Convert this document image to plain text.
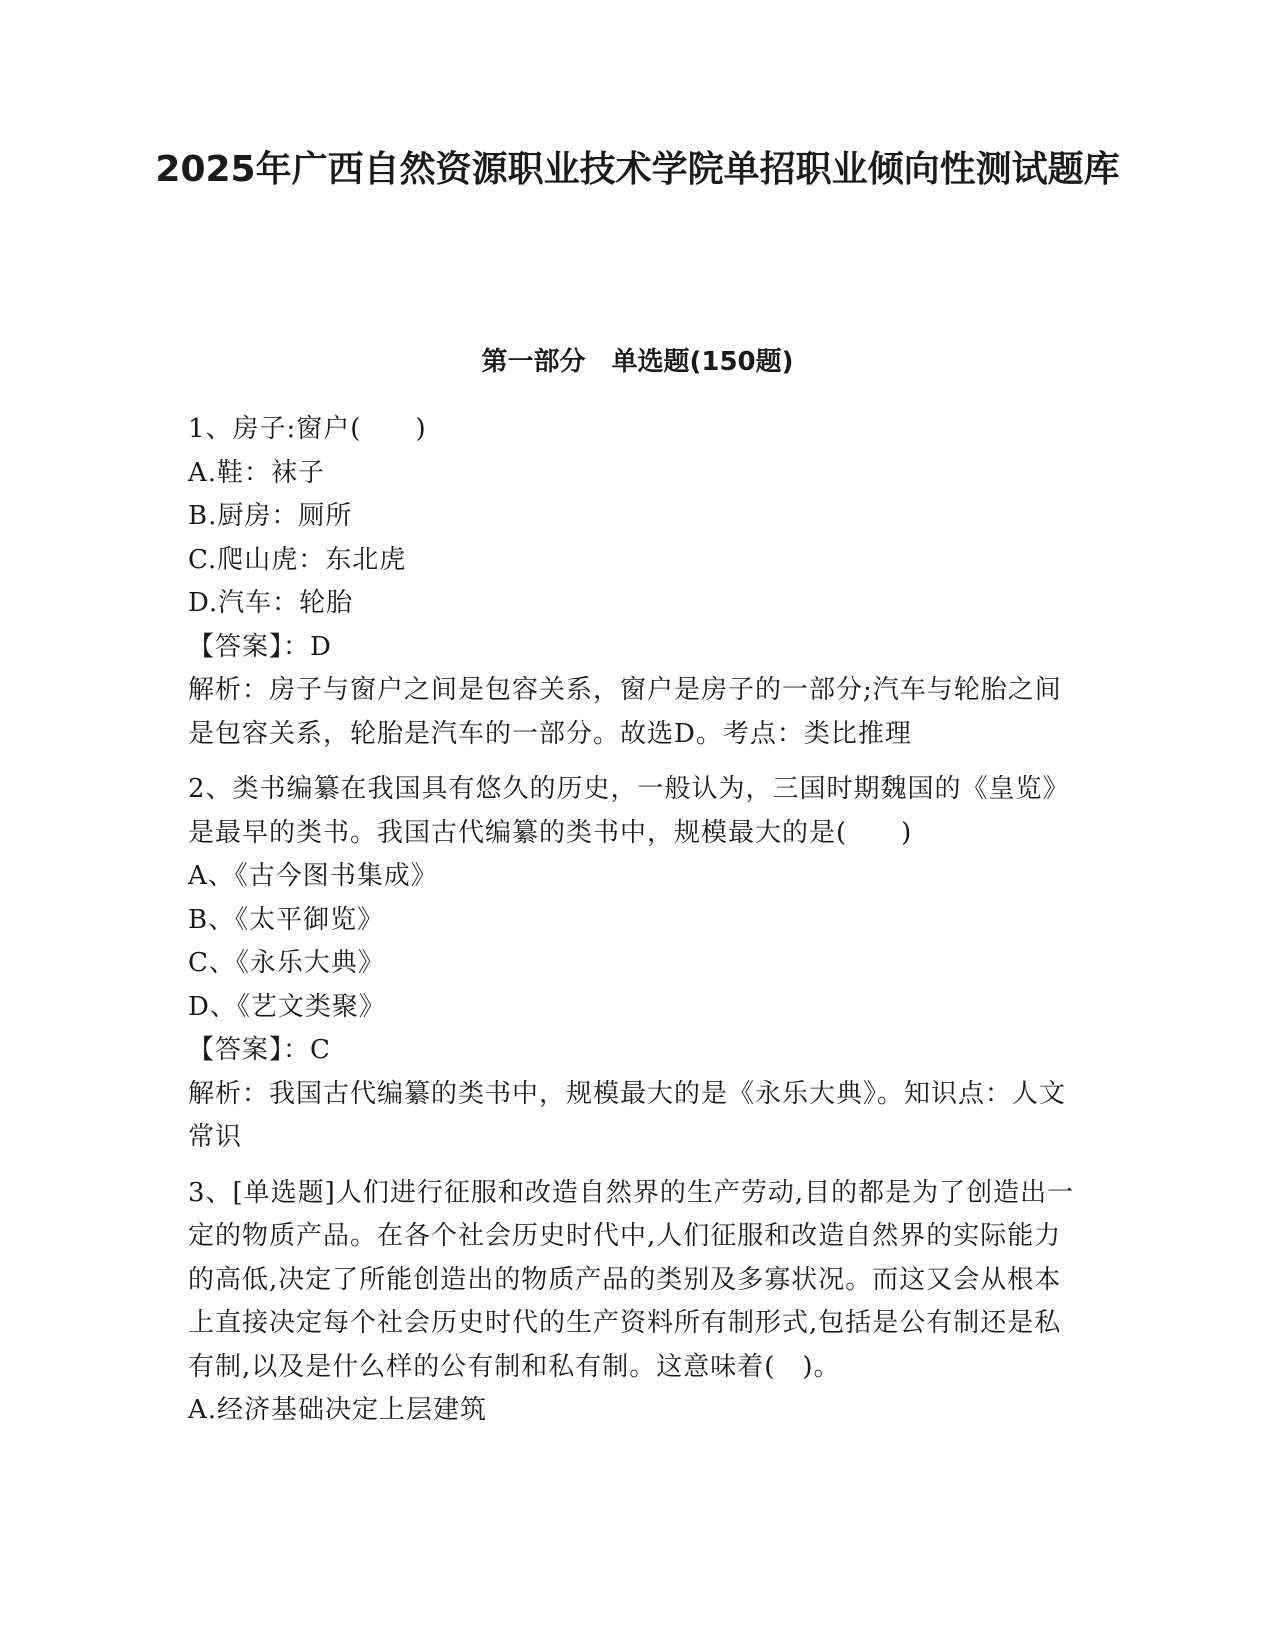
2025年广西自然资源职业技术学院单招职业倾向性测试题库
第一部分　单选题(150题)

1、房子:窗户(　　)

A.鞋：袜子

B.厨房：厕所

C.爬山虎：东北虎

D.汽车：轮胎

【答案】：D

解析：房子与窗户之间是包容关系，窗户是房子的一部分;汽车与轮胎之间是包容关系，轮胎是汽车的一部分。故选D。考点：类比推理

2、类书编纂在我国具有悠久的历史，一般认为，三国时期魏国的《皇览》是最早的类书。我国古代编纂的类书中，规模最大的是(　　)

A、《古今图书集成》

B、《太平御览》

C、《永乐大典》

D、《艺文类聚》

【答案】：C

解析：我国古代编纂的类书中，规模最大的是《永乐大典》。知识点：人文常识

3、[单选题]人们进行征服和改造自然界的生产劳动,目的都是为了创造出一定的物质产品。在各个社会历史时代中,人们征服和改造自然界的实际能力的高低,决定了所能创造出的物质产品的类别及多寡状况。而这又会从根本上直接决定每个社会历史时代的生产资料所有制形式,包括是公有制还是私有制,以及是什么样的公有制和私有制。这意味着(　)。

A.经济基础决定上层建筑
